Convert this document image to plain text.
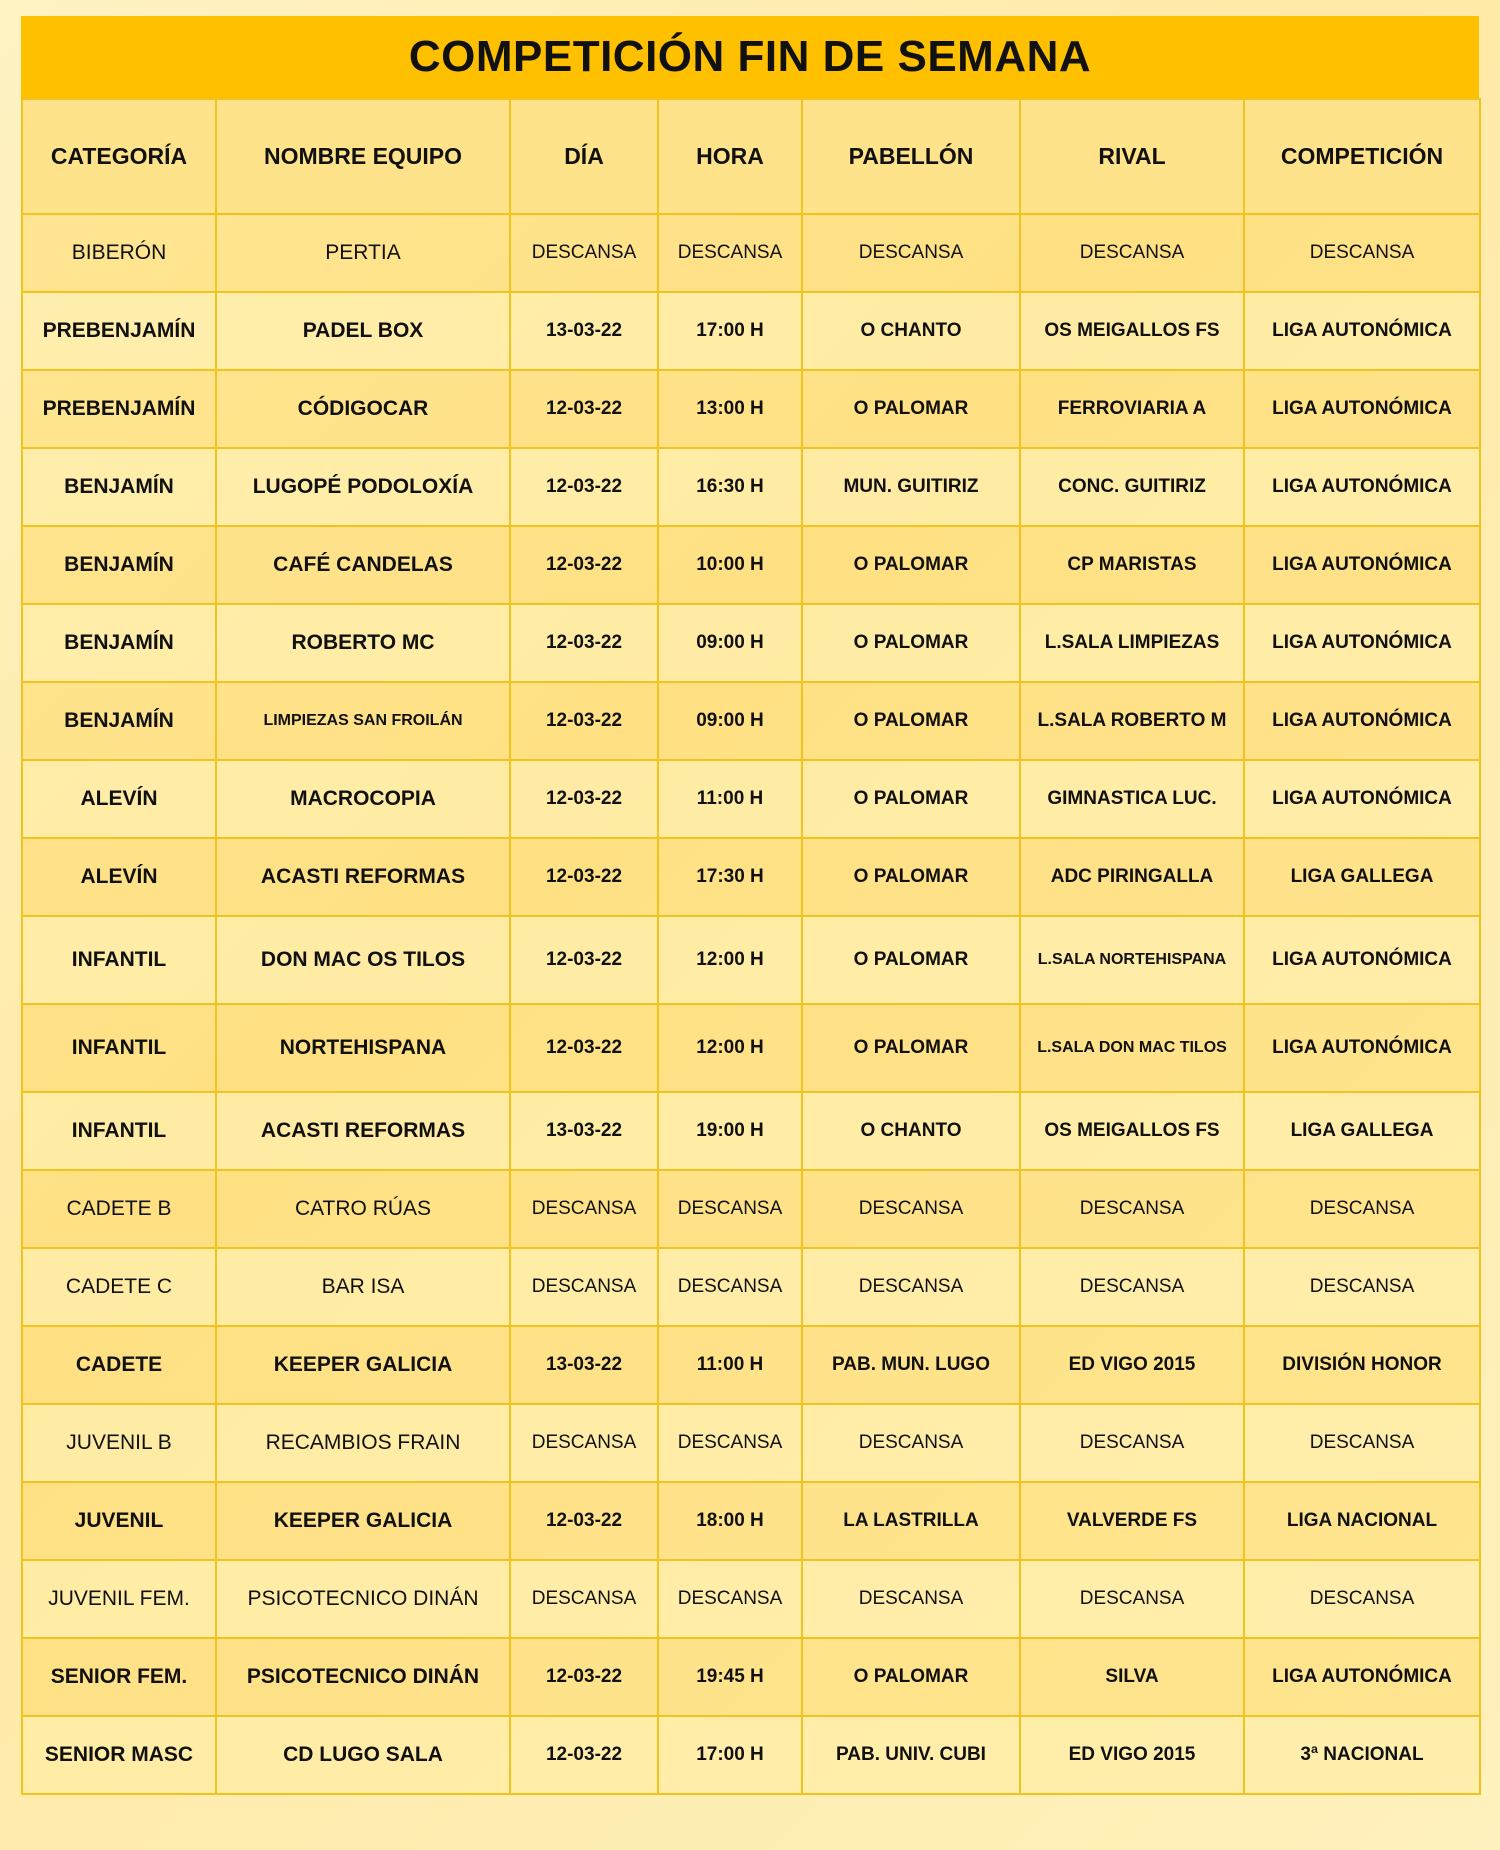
COMPETICIÓN FIN DE SEMANA
CATEGORÍA	NOMBRE EQUIPO	DÍA	HORA	PABELLÓN	RIVAL	COMPETICIÓN
BIBERÓN	PERTIA	DESCANSA	DESCANSA	DESCANSA	DESCANSA	DESCANSA
PREBENJAMÍN	PADEL BOX	13-03-22	17:00 H	O CHANTO	OS MEIGALLOS FS	LIGA AUTONÓMICA
PREBENJAMÍN	CÓDIGOCAR	12-03-22	13:00 H	O PALOMAR	FERROVIARIA A	LIGA AUTONÓMICA
BENJAMÍN	LUGOPÉ PODOLOXÍA	12-03-22	16:30 H	MUN. GUITIRIZ	CONC. GUITIRIZ	LIGA AUTONÓMICA
BENJAMÍN	CAFÉ CANDELAS	12-03-22	10:00 H	O PALOMAR	CP MARISTAS	LIGA AUTONÓMICA
BENJAMÍN	ROBERTO MC	12-03-22	09:00 H	O PALOMAR	L.SALA LIMPIEZAS	LIGA AUTONÓMICA
BENJAMÍN	LIMPIEZAS SAN FROILÁN	12-03-22	09:00 H	O PALOMAR	L.SALA ROBERTO M	LIGA AUTONÓMICA
ALEVÍN	MACROCOPIA	12-03-22	11:00 H	O PALOMAR	GIMNASTICA LUC.	LIGA AUTONÓMICA
ALEVÍN	ACASTI REFORMAS	12-03-22	17:30 H	O PALOMAR	ADC PIRINGALLA	LIGA GALLEGA
INFANTIL	DON MAC OS TILOS	12-03-22	12:00 H	O PALOMAR	L.SALA NORTEHISPANA	LIGA AUTONÓMICA
INFANTIL	NORTEHISPANA	12-03-22	12:00 H	O PALOMAR	L.SALA DON MAC TILOS	LIGA AUTONÓMICA
INFANTIL	ACASTI REFORMAS	13-03-22	19:00 H	O CHANTO	OS MEIGALLOS FS	LIGA GALLEGA
CADETE B	CATRO RÚAS	DESCANSA	DESCANSA	DESCANSA	DESCANSA	DESCANSA
CADETE C	BAR ISA	DESCANSA	DESCANSA	DESCANSA	DESCANSA	DESCANSA
CADETE	KEEPER GALICIA	13-03-22	11:00 H	PAB. MUN. LUGO	ED VIGO 2015	DIVISIÓN HONOR
JUVENIL B	RECAMBIOS FRAIN	DESCANSA	DESCANSA	DESCANSA	DESCANSA	DESCANSA
JUVENIL	KEEPER GALICIA	12-03-22	18:00 H	LA LASTRILLA	VALVERDE FS	LIGA NACIONAL
JUVENIL FEM.	PSICOTECNICO DINÁN	DESCANSA	DESCANSA	DESCANSA	DESCANSA	DESCANSA
SENIOR FEM.	PSICOTECNICO DINÁN	12-03-22	19:45 H	O PALOMAR	SILVA	LIGA AUTONÓMICA
SENIOR MASC	CD LUGO SALA	12-03-22	17:00 H	PAB. UNIV. CUBI	ED VIGO 2015	3ª NACIONAL
